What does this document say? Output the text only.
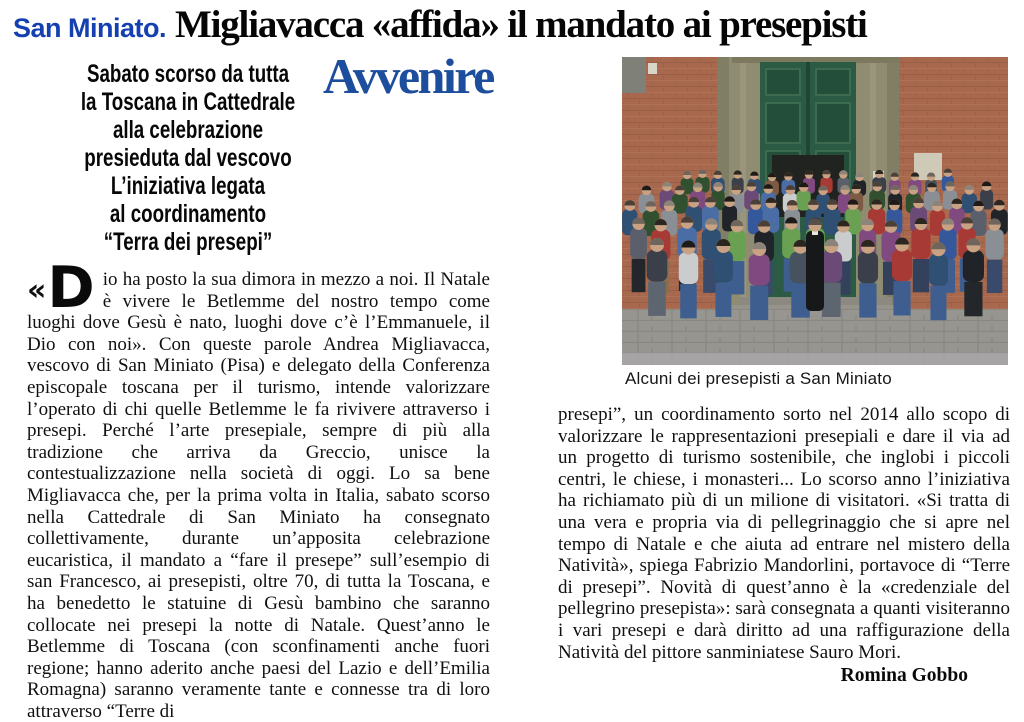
San Miniato. Migliavacca «affida» il mandato ai presepisti
Sabato scorso da tutta
la Toscana in Cattedrale
alla celebrazione
presieduta dal vescovo
L’iniziativa legata
al coordinamento
“Terra dei presepi”
Avvenire
Alcuni dei presepisti a San Miniato
« D io ha posto la sua dimora in mezzo a noi. Il Natale è vivere le Betlemme del nostro tempo come luoghi dove Gesù è nato, luoghi dove c’è l’Emmanuele, il Dio con noi». Con queste parole Andrea Migliavacca, vescovo di San Miniato (Pisa) e delegato della Conferenza episcopale toscana per il turismo, intende valorizzare l’operato di chi quelle Betlemme le fa rivivere attraverso i presepi. Perché l’arte presepiale, sempre di più alla tradizione che arriva da Greccio, unisce la contestualizzazione nella società di oggi. Lo sa bene Migliavacca che, per la prima volta in Italia, sabato scorso nella Cattedrale di San Miniato ha consegnato collettivamente, durante un’apposita celebrazione eucaristica, il mandato a “fare il presepe” sull’esempio di san Francesco, ai presepisti, oltre 70, di tutta la Toscana, e ha benedetto le statuine di Gesù bambino che saranno collocate nei presepi la notte di Natale. Quest’anno le Betlemme di Toscana (con sconfinamenti anche fuori regione; hanno aderito anche paesi del Lazio e dell’Emilia Romagna) saranno veramente tante e connesse tra di loro attraverso “Terre di
presepi”, un coordinamento sorto nel 2014 allo scopo di valorizzare le rappresentazioni presepiali e dare il via ad un progetto di turismo sostenibile, che inglobi i piccoli centri, le chiese, i monasteri... Lo scorso anno l’iniziativa ha richiamato più di un milione di visitatori. «Si tratta di una vera e propria via di pellegrinaggio che si apre nel tempo di Natale e che aiuta ad entrare nel mistero della Natività», spiega Fabrizio Mandorlini, portavoce di “Terre di presepi”. Novità di quest’anno è la «credenziale del pellegrino presepista»: sarà consegnata a quanti visiteranno i vari presepi e darà diritto ad una raffigurazione della Natività del pittore sanminiatese Sauro Mori.
Romina Gobbo
